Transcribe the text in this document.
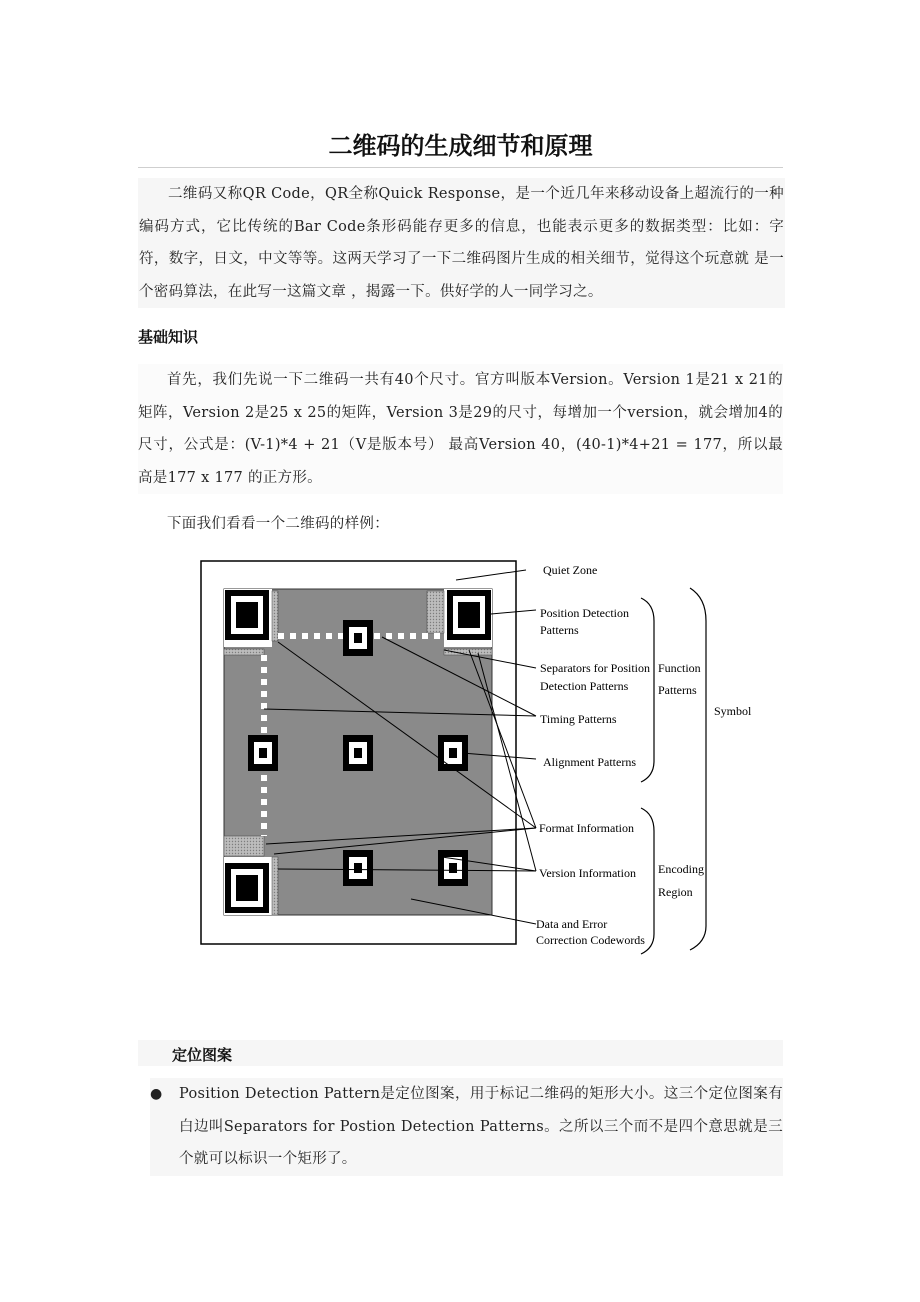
二维码的生成细节和原理

二维码又称QR Code，QR全称Quick Response，是一个近几年来移动设备上超流行的一种编码方式，它比传统的Bar Code条形码能存更多的信息，也能表示更多的数据类型：比如：字符，数字，日文，中文等等。这两天学习了一下二维码图片生成的相关细节，觉得这个玩意就 是一个密码算法，在此写一这篇文章 ，揭露一下。供好学的人一同学习之。

基础知识

首先，我们先说一下二维码一共有40个尺寸。官方叫版本Version。Version 1是21 x 21的矩阵，Version 2是25 x 25的矩阵，Version 3是29的尺寸，每增加一个version，就会增加4的尺寸，公式是：(V-1)*4 + 21（V是版本号） 最高Version 40，(40-1)*4+21 = 177，所以最高是177 x 177 的正方形。

下面我们看看一个二维码的样例：

Quiet Zone
Position Detection
Patterns
Separators for Position
Detection Patterns
Timing Patterns
Alignment Patterns
Format Information
Version Information
Data and Error
Correction Codewords
Function
Patterns
Encoding
Region
Symbol

定位图案

● Position Detection Pattern是定位图案，用于标记二维码的矩形大小。这三个定位图案有白边叫Separators for Postion Detection Patterns。之所以三个而不是四个意思就是三个就可以标识一个矩形了。
